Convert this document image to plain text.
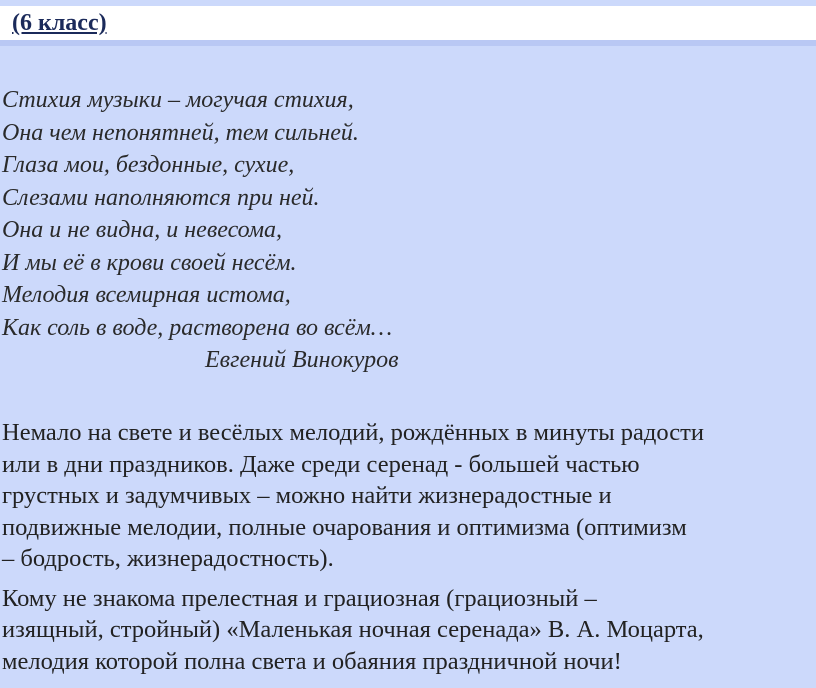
(6 класс)
Стихия музыки – могучая стихия,
Она чем непонятней, тем сильней.
Глаза мои, бездонные, сухие,
Слезами наполняются при ней.
Она и не видна, и невесома,
И мы её в крови своей несём.
Мелодия всемирная истома,
Как соль в воде, растворена во всём…
Евгений Винокуров

Немало на свете и весёлых мелодий, рождённых в минуты радости
или в дни праздников. Даже среди серенад - большей частью
грустных и задумчивых – можно найти жизнерадостные и
подвижные мелодии, полные очарования и оптимизма (оптимизм
– бодрость, жизнерадостность).

Кому не знакома прелестная и грациозная (грациозный –
изящный, стройный) «Маленькая ночная серенада» В. А. Моцарта,
мелодия которой полна света и обаяния праздничной ночи!
